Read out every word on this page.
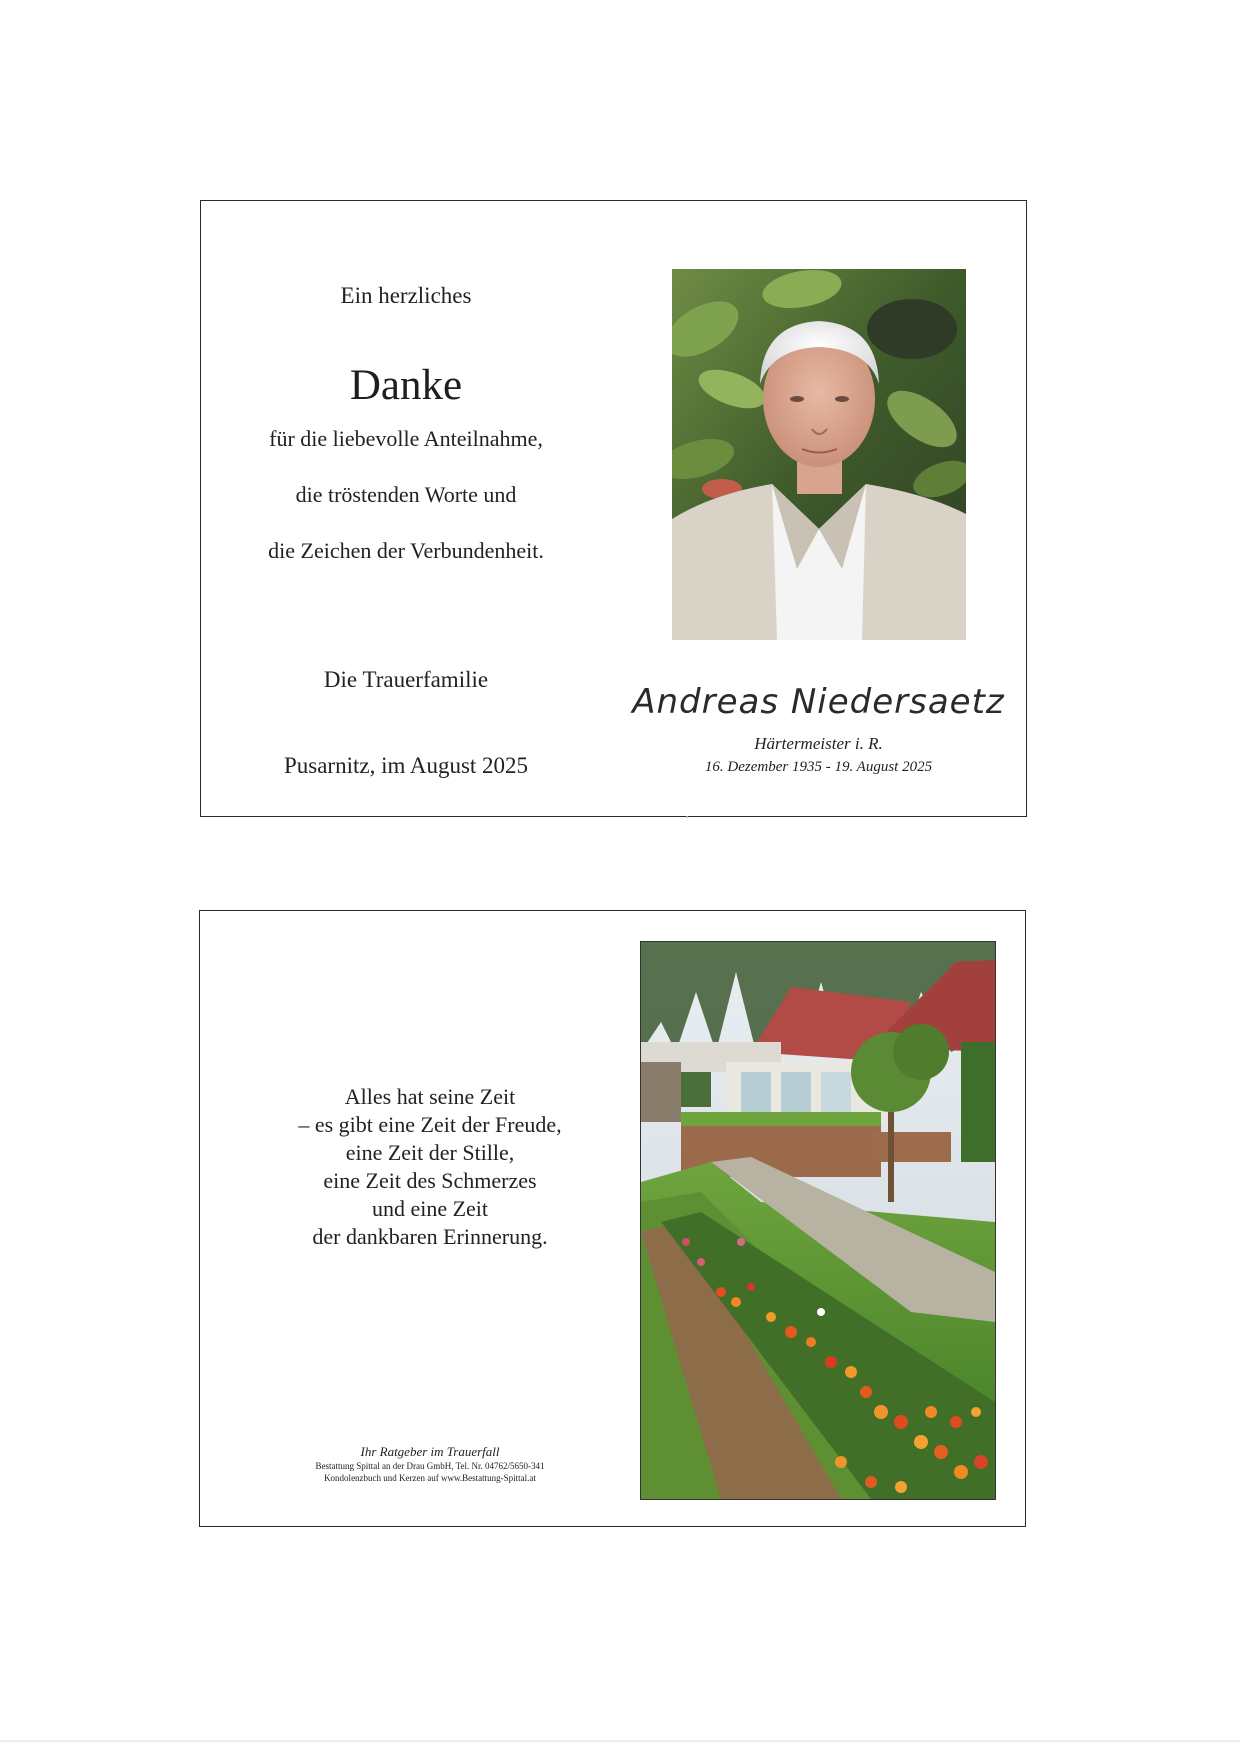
Ein herzliches
Danke
für die liebevolle Anteilnahme,
die tröstenden Worte und
die Zeichen der Verbundenheit.
Die Trauerfamilie
Pusarnitz, im August 2025
Andreas Niedersaetz
Härtermeister i. R.
16. Dezember 1935 - 19. August 2025
Alles hat seine Zeit
– es gibt eine Zeit der Freude,
eine Zeit der Stille,
eine Zeit des Schmerzes
und eine Zeit
der dankbaren Erinnerung.
Ihr Ratgeber im Trauerfall
Bestattung Spittal an der Drau GmbH, Tel. Nr. 04762/5650-341
Kondolenzbuch und Kerzen auf www.Bestattung-Spittal.at
